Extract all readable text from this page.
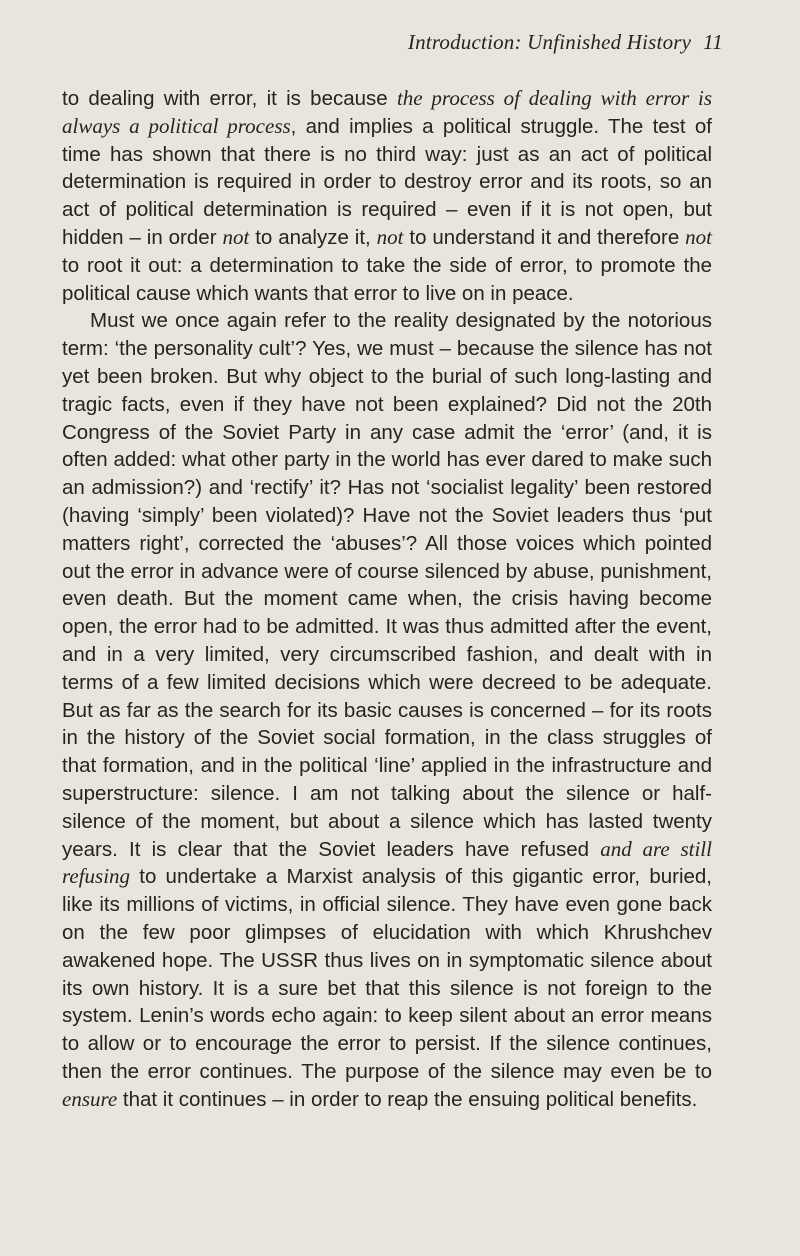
Introduction: Unfinished History 11

to dealing with error, it is because the process of dealing with error is always a political process, and implies a political struggle. The test of time has shown that there is no third way: just as an act of political determination is required in order to destroy error and its roots, so an act of political determination is required – even if it is not open, but hidden – in order not to analyze it, not to understand it and therefore not to root it out: a determination to take the side of error, to promote the political cause which wants that error to live on in peace.

Must we once again refer to the reality designated by the notorious term: ‘the personality cult’? Yes, we must – because the silence has not yet been broken. But why object to the burial of such long-lasting and tragic facts, even if they have not been explained? Did not the 20th Congress of the Soviet Party in any case admit the ‘error’ (and, it is often added: what other party in the world has ever dared to make such an admission?) and ‘rectify’ it? Has not ‘socialist legality’ been restored (having ‘simply’ been violated)? Have not the Soviet leaders thus ‘put matters right’, corrected the ‘abuses’? All those voices which pointed out the error in advance were of course silenced by abuse, punishment, even death. But the moment came when, the crisis having become open, the error had to be admitted. It was thus admitted after the event, and in a very limited, very circumscribed fashion, and dealt with in terms of a few limited decisions which were decreed to be adequate. But as far as the search for its basic causes is concerned – for its roots in the history of the Soviet social formation, in the class struggles of that formation, and in the political ‘line’ applied in the infrastructure and superstructure: silence. I am not talking about the silence or half-silence of the moment, but about a silence which has lasted twenty years. It is clear that the Soviet leaders have refused and are still refusing to undertake a Marxist analysis of this gigantic error, buried, like its millions of victims, in official silence. They have even gone back on the few poor glimpses of elucidation with which Khrushchev awakened hope. The USSR thus lives on in symptomatic silence about its own history. It is a sure bet that this silence is not foreign to the system. Lenin’s words echo again: to keep silent about an error means to allow or to encourage the error to persist. If the silence continues, then the error continues. The purpose of the silence may even be to ensure that it continues – in order to reap the ensuing political benefits.
